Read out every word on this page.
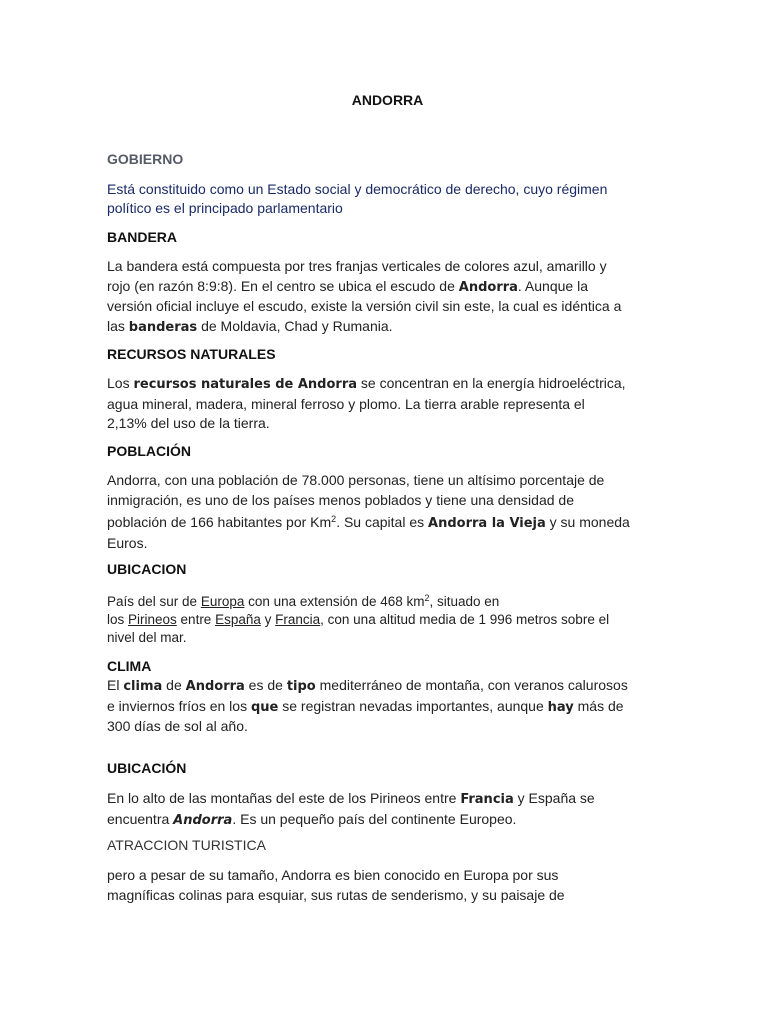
ANDORRA
GOBIERNO
Está constituido como un Estado social y democrático de derecho, cuyo régimen
político es el principado parlamentario
BANDERA
La bandera está compuesta por tres franjas verticales de colores azul, amarillo y
rojo (en razón 8:9:8). En el centro se ubica el escudo de Andorra. Aunque la
versión oficial incluye el escudo, existe la versión civil sin este, la cual es idéntica a
las banderas de Moldavia, Chad y Rumania.
RECURSOS NATURALES
Los recursos naturales de Andorra se concentran en la energía hidroeléctrica,
agua mineral, madera, mineral ferroso y plomo. La tierra arable representa el
2,13% del uso de la tierra.
POBLACIÓN
Andorra, con una población de 78.000 personas, tiene un altísimo porcentaje de
inmigración, es uno de los países menos poblados y tiene una densidad de
población de 166 habitantes por Km$^2$. Su capital es Andorra la Vieja y su moneda
Euros.
UBICACION
País del sur de Europa con una extensión de 468 $km^2$, situado en
los Pirineos entre España y Francia, con una altitud media de 1 996 metros sobre el
nivel del mar.
CLIMA
El clima de Andorra es de tipo mediterráneo de montaña, con veranos calurosos
e inviernos fríos en los que se registran nevadas importantes, aunque hay más de
300 días de sol al año.
UBICACIÓN
En lo alto de las montañas del este de los Pirineos entre Francia y España se
encuentra Andorra. Es un pequeño país del continente Europeo.
ATRACCION TURISTICA
pero a pesar de su tamaño, Andorra es bien conocido en Europa por sus
magníficas colinas para esquiar, sus rutas de senderismo, y su paisaje de
